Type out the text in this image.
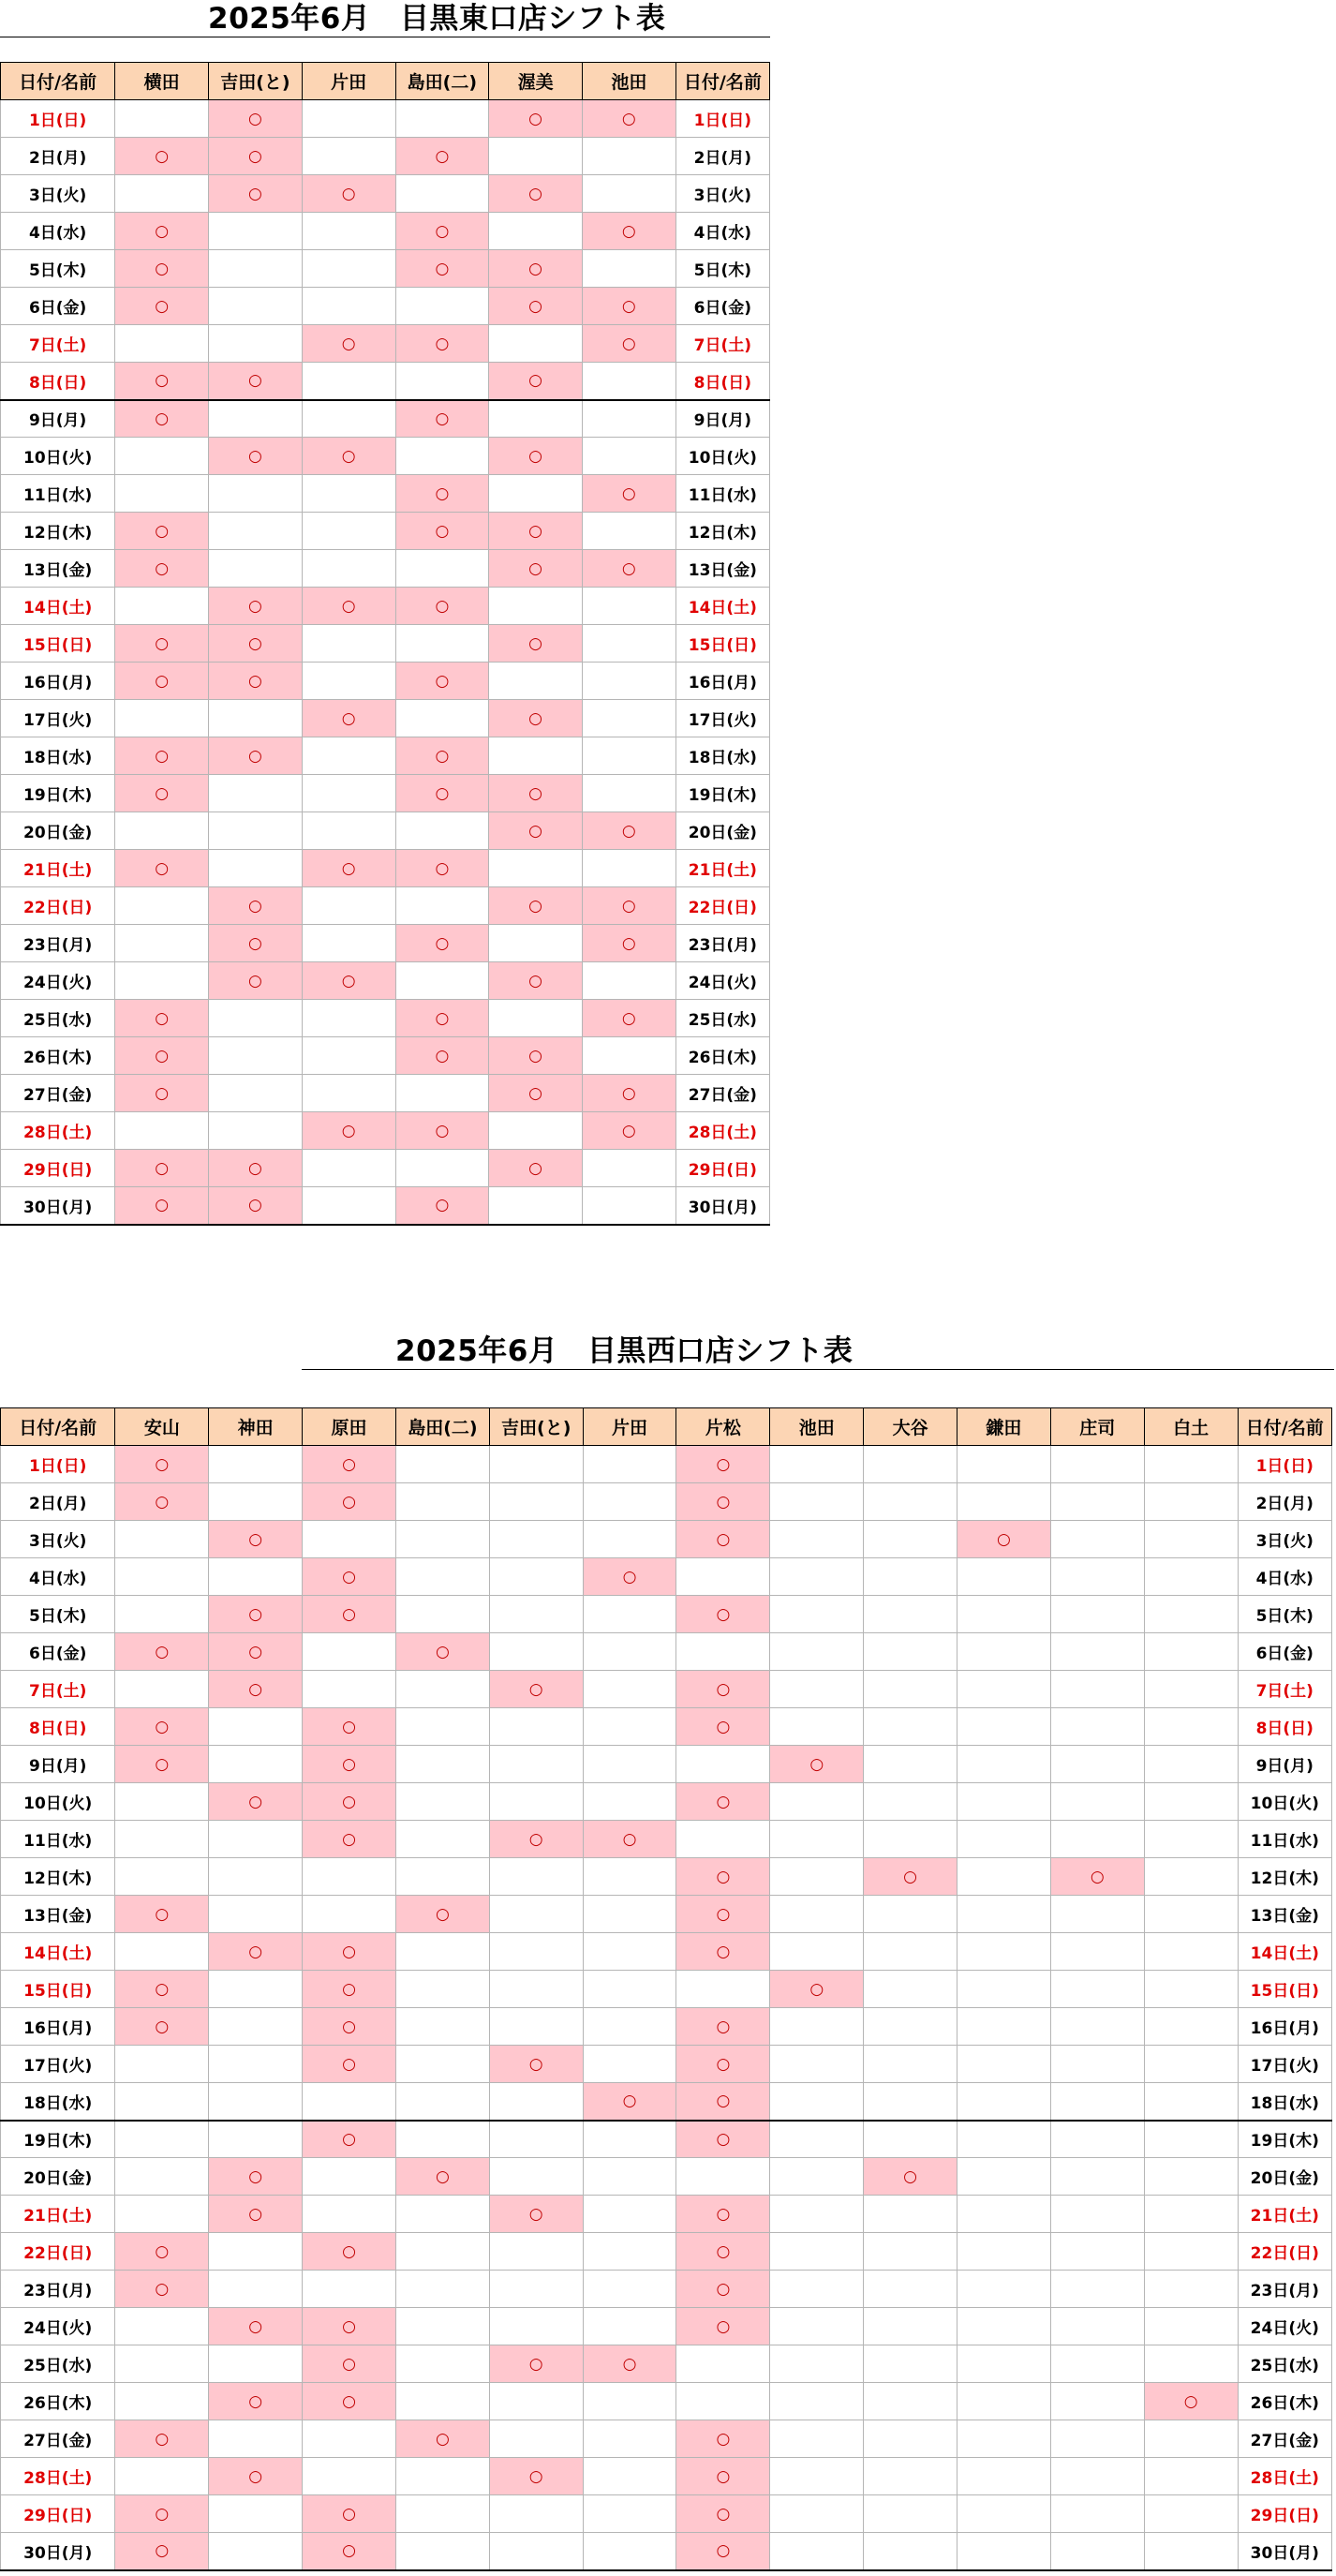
2025年6月　目黒東口店シフト表
日付/名前	横田	吉田(と)	片田	島田(二)	渥美	池田	日付/名前
1日(日)		○			○	○	1日(日)
2日(月)	○	○		○			2日(月)
3日(火)		○	○		○		3日(火)
4日(水)	○			○		○	4日(水)
5日(木)	○			○	○		5日(木)
6日(金)	○				○	○	6日(金)
7日(土)			○	○		○	7日(土)
8日(日)	○	○			○		8日(日)
9日(月)	○			○			9日(月)
10日(火)		○	○		○		10日(火)
11日(水)				○		○	11日(水)
12日(木)	○			○	○		12日(木)
13日(金)	○				○	○	13日(金)
14日(土)		○	○	○			14日(土)
15日(日)	○	○			○		15日(日)
16日(月)	○	○		○			16日(月)
17日(火)			○		○		17日(火)
18日(水)	○	○		○			18日(水)
19日(木)	○			○	○		19日(木)
20日(金)					○	○	20日(金)
21日(土)	○		○	○			21日(土)
22日(日)		○			○	○	22日(日)
23日(月)		○		○		○	23日(月)
24日(火)		○	○		○		24日(火)
25日(水)	○			○		○	25日(水)
26日(木)	○			○	○		26日(木)
27日(金)	○				○	○	27日(金)
28日(土)			○	○		○	28日(土)
29日(日)	○	○			○		29日(日)
30日(月)	○	○		○			30日(月)
2025年6月　目黒西口店シフト表
日付/名前	安山	神田	原田	島田(二)	吉田(と)	片田	片松	池田	大谷	鎌田	庄司	白土	日付/名前
1日(日)	○		○				○						1日(日)
2日(月)	○		○				○						2日(月)
3日(火)		○					○			○			3日(火)
4日(水)			○			○							4日(水)
5日(木)		○	○				○						5日(木)
6日(金)	○	○		○									6日(金)
7日(土)		○			○		○						7日(土)
8日(日)	○		○				○						8日(日)
9日(月)	○		○					○					9日(月)
10日(火)		○	○				○						10日(火)
11日(水)			○		○	○							11日(水)
12日(木)							○		○		○		12日(木)
13日(金)	○			○			○						13日(金)
14日(土)		○	○				○						14日(土)
15日(日)	○		○					○					15日(日)
16日(月)	○		○				○						16日(月)
17日(火)			○		○		○						17日(火)
18日(水)						○	○						18日(水)
19日(木)			○				○						19日(木)
20日(金)		○		○					○				20日(金)
21日(土)		○			○		○						21日(土)
22日(日)	○		○				○						22日(日)
23日(月)	○						○						23日(月)
24日(火)		○	○				○						24日(火)
25日(水)			○		○	○							25日(水)
26日(木)		○	○									○	26日(木)
27日(金)	○			○			○						27日(金)
28日(土)		○			○		○						28日(土)
29日(日)	○		○				○						29日(日)
30日(月)	○		○				○						30日(月)
